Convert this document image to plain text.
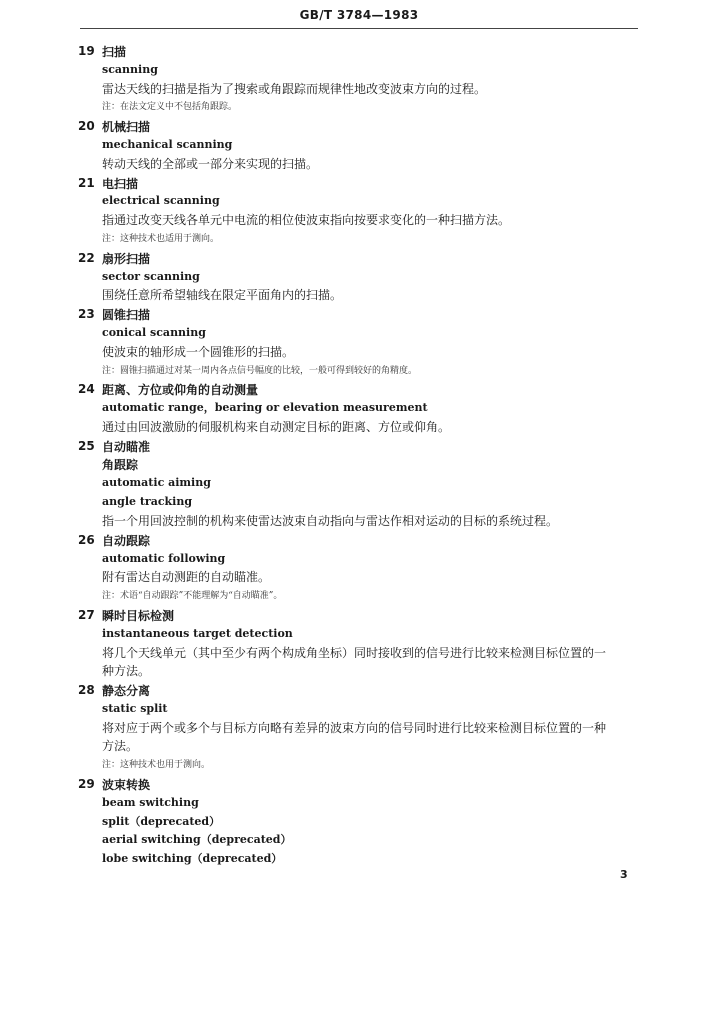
GB/T 3784—1983
19 扫描
scanning
雷达天线的扫描是指为了搜索或角跟踪而规律性地改变波束方向的过程。
注：在法文定义中不包括角跟踪。
20 机械扫描
mechanical scanning
转动天线的全部或一部分来实现的扫描。
21 电扫描
electrical scanning
指通过改变天线各单元中电流的相位使波束指向按要求变化的一种扫描方法。
注：这种技术也适用于测向。
22 扇形扫描
sector scanning
围绕任意所希望轴线在限定平面角内的扫描。
23 圆锥扫描
conical scanning
使波束的轴形成一个圆锥形的扫描。
注：圆锥扫描通过对某一周内各点信号幅度的比较，一般可得到较好的角精度。
24 距离、方位或仰角的自动测量
automatic range，bearing or elevation measurement
通过由回波激励的伺服机构来自动测定目标的距离、方位或仰角。
25 自动瞄准
角跟踪
automatic aiming
angle tracking
指一个用回波控制的机构来使雷达波束自动指向与雷达作相对运动的目标的系统过程。
26 自动跟踪
automatic following
附有雷达自动测距的自动瞄准。
注：术语“自动跟踪”不能理解为“自动瞄准”。
27 瞬时目标检测
instantaneous target detection
将几个天线单元（其中至少有两个构成角坐标）同时接收到的信号进行比较来检测目标位置的一
种方法。
28 静态分离
static split
将对应于两个或多个与目标方向略有差异的波束方向的信号同时进行比较来检测目标位置的一种
方法。
注：这种技术也用于测向。
29 波束转换
beam switching
split（deprecated）
aerial switching（deprecated）
lobe switching（deprecated）
3
